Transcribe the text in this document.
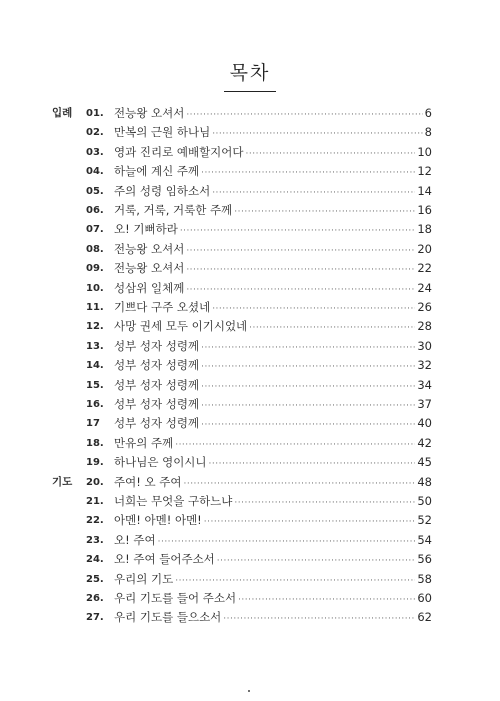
목차
입례 01. 전능왕 오셔서 ·····	6
02. 만복의 근원 하나님 ·····	8
03. 영과 진리로 예배할지어다 ·····	10
04. 하늘에 계신 주께 ·····	12
05. 주의 성령 임하소서 ·····	14
06. 거룩, 거룩, 거룩한 주께 ·····	16
07. 오! 기뻐하라 ·····	18
08. 전능왕 오셔서 ·····	20
09. 전능왕 오셔서 ·····	22
10. 성삼위 일체께 ·····	24
11. 기쁘다 구주 오셨네 ·····	26
12. 사망 권세 모두 이기시었네 ·····	28
13. 성부 성자 성령께 ·····	30
14. 성부 성자 성령께 ·····	32
15. 성부 성자 성령께 ·····	34
16. 성부 성자 성령께 ·····	37
17	성부 성자 성령께 ·····	40
18. 만유의 주께 ·····	42
19. 하나님은 영이시니 ·····	45
기도 20. 주여! 오 주여 ·····	48
21. 너희는 무엇을 구하느냐 ·····	50
22. 아멘! 아멘! 아멘! ·····	52
23. 오! 주여 ·····	54
24. 오! 주여 들어주소서 ·····	56
25. 우리의 기도 ·····	58
26. 우리 기도를 들어 주소서 ·····	60
27. 우리 기도를 들으소서 ·····	62
